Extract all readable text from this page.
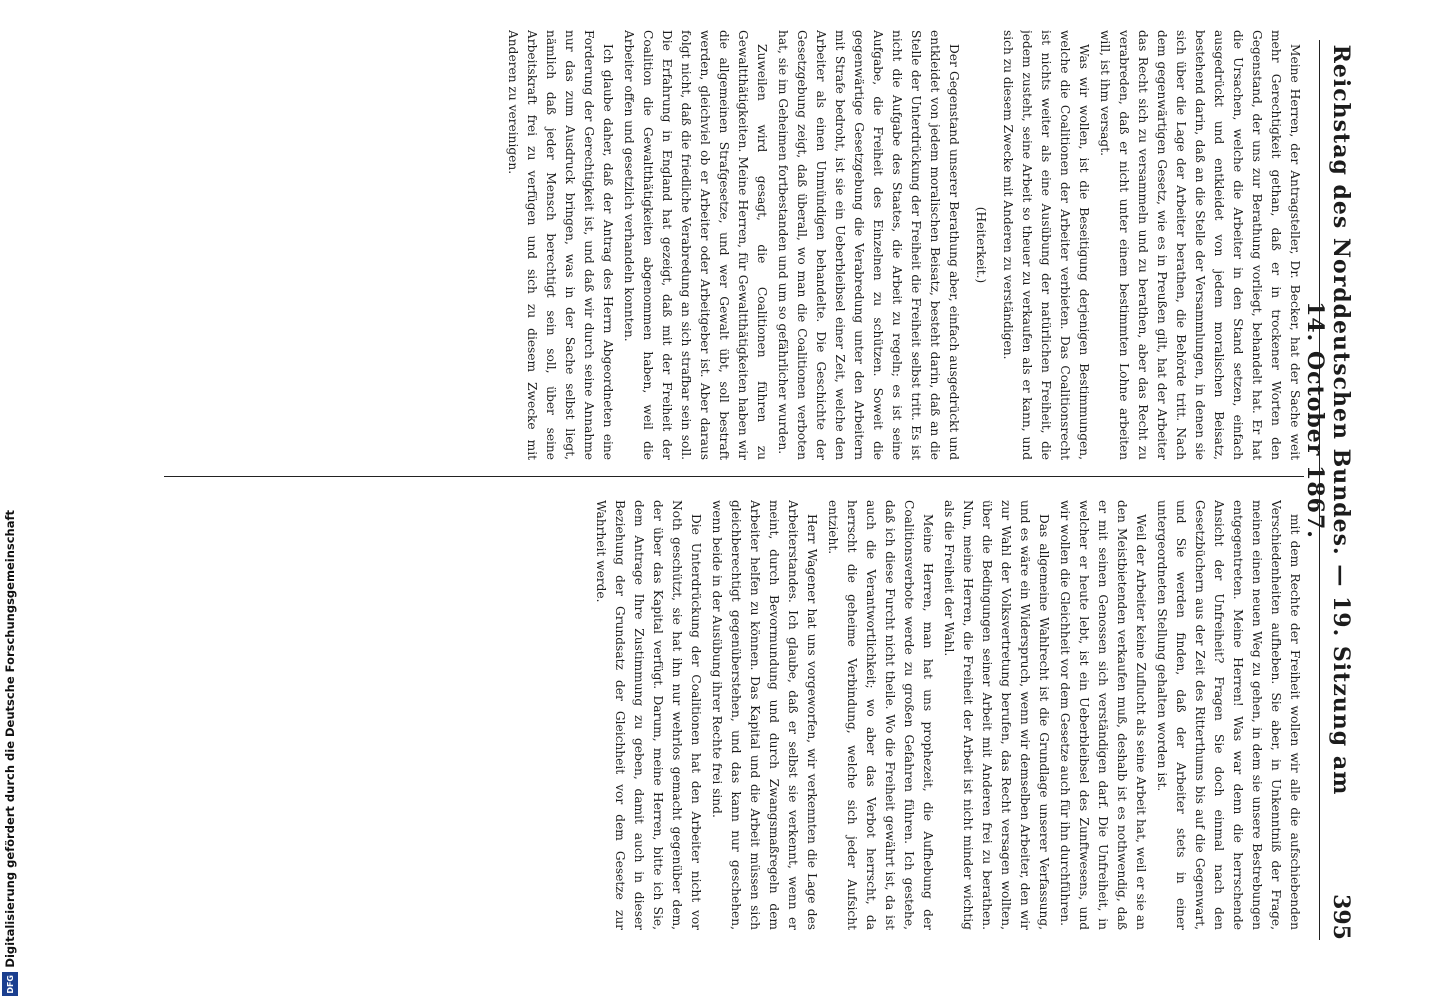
Reichstag des Norddeutschen Bundes. — 19. Sitzung am 14. October 1867.
395

Meine Herren, der Antragsteller, Dr. Becker, hat der Sache weit mehr Gerechtigkeit gethan, daß er in trockener Worten den Gegenstand, der uns zur Berathung vorliegt, behandelt hat. Er hat die Ursachen, welche die Arbeiter in den Stand setzen, einfach ausgedrückt und entkleidet von jedem moralischen Beisatz, bestehend darin, daß an die Stelle der Versammlungen, in denen sie sich über die Lage der Arbeiter berathen, die Behörde tritt. Nach dem gegenwärtigen Gesetz, wie es in Preußen gilt, hat der Arbeiter das Recht sich zu versammeln und zu berathen, aber das Recht zu verabreden, daß er nicht unter einem bestimmten Lohne arbeiten will, ist ihm versagt.

Was wir wollen, ist die Beseitigung derjenigen Bestimmungen, welche die Coalitionen der Arbeiter verbieten. Das Coalitionsrecht ist nichts weiter als eine Ausübung der natürlichen Freiheit, die jedem zusteht, seine Arbeit so theuer zu verkaufen als er kann, und sich zu diesem Zwecke mit Anderen zu verständigen.

(Heiterkeit.)

Der Gegenstand unserer Berathung aber, einfach ausgedrückt und entkleidet von jedem moralischen Beisatz, besteht darin, daß an die Stelle der Unterdrückung der Freiheit die Freiheit selbst tritt. Es ist nicht die Aufgabe des Staates, die Arbeit zu regeln; es ist seine Aufgabe, die Freiheit des Einzelnen zu schützen. Soweit die gegenwärtige Gesetzgebung die Verabredung unter den Arbeitern mit Strafe bedroht, ist sie ein Ueberbleibsel einer Zeit, welche den Arbeiter als einen Unmündigen behandelte. Die Geschichte der Gesetzgebung zeigt, daß überall, wo man die Coalitionen verboten hat, sie im Geheimen fortbestanden und um so gefährlicher wurden.

Zuweilen wird gesagt, die Coalitionen führen zu Gewaltthätigkeiten. Meine Herren, für Gewaltthätigkeiten haben wir die allgemeinen Strafgesetze, und wer Gewalt übt, soll bestraft werden, gleichviel ob er Arbeiter oder Arbeitgeber ist. Aber daraus folgt nicht, daß die friedliche Verabredung an sich strafbar sein soll. Die Erfahrung in England hat gezeigt, daß mit der Freiheit der Coalition die Gewaltthätigkeiten abgenommen haben, weil die Arbeiter offen und gesetzlich verhandeln konnten.

Ich glaube daher, daß der Antrag des Herrn Abgeordneten eine Forderung der Gerechtigkeit ist, und daß wir durch seine Annahme nur das zum Ausdruck bringen, was in der Sache selbst liegt, nämlich daß jeder Mensch berechtigt sein soll, über seine Arbeitskraft frei zu verfügen und sich zu diesem Zwecke mit Anderen zu vereinigen.

mit dem Rechte der Freiheit wollen wir alle die aufschiebenden Verschiedenheiten aufheben. Sie aber, in Unkenntniß der Frage, meinen einen neuen Weg zu gehen, in dem sie unsere Bestrebungen entgegentreten. Meine Herren! Was war denn die herrschende Ansicht der Unfreiheit? Fragen Sie doch einmal nach den Gesetzbüchern aus der Zeit des Ritterthums bis auf die Gegenwart, und Sie werden finden, daß der Arbeiter stets in einer untergeordneten Stellung gehalten worden ist.

Weil der Arbeiter keine Zuflucht als seine Arbeit hat, weil er sie an den Meistbietenden verkaufen muß, deshalb ist es nothwendig, daß er mit seinen Genossen sich verständigen darf. Die Unfreiheit, in welcher er heute lebt, ist ein Ueberbleibsel des Zunftwesens, und wir wollen die Gleichheit vor dem Gesetze auch für ihn durchführen.

Das allgemeine Wahlrecht ist die Grundlage unserer Verfassung, und es wäre ein Widerspruch, wenn wir demselben Arbeiter, den wir zur Wahl der Volksvertretung berufen, das Recht versagen wollten, über die Bedingungen seiner Arbeit mit Anderen frei zu berathen. Nun, meine Herren, die Freiheit der Arbeit ist nicht minder wichtig als die Freiheit der Wahl.

Meine Herren, man hat uns prophezeit, die Aufhebung der Coalitionsverbote werde zu großen Gefahren führen. Ich gestehe, daß ich diese Furcht nicht theile. Wo die Freiheit gewährt ist, da ist auch die Verantwortlichkeit; wo aber das Verbot herrscht, da herrscht die geheime Verbindung, welche sich jeder Aufsicht entzieht.

Herr Wagener hat uns vorgeworfen, wir verkennten die Lage des Arbeiterstandes. Ich glaube, daß er selbst sie verkennt, wenn er meint, durch Bevormundung und durch Zwangsmaßregeln dem Arbeiter helfen zu können. Das Kapital und die Arbeit müssen sich gleichberechtigt gegenüberstehen, und das kann nur geschehen, wenn beide in der Ausübung ihrer Rechte frei sind.

Die Unterdrückung der Coalitionen hat den Arbeiter nicht vor Noth geschützt, sie hat ihn nur wehrlos gemacht gegenüber dem, der über das Kapital verfügt. Darum, meine Herren, bitte ich Sie, dem Antrage Ihre Zustimmung zu geben, damit auch in dieser Beziehung der Grundsatz der Gleichheit vor dem Gesetze zur Wahrheit werde.

Digitalisierung gefördert durch die Deutsche Forschungsgemeinschaft
DFG
